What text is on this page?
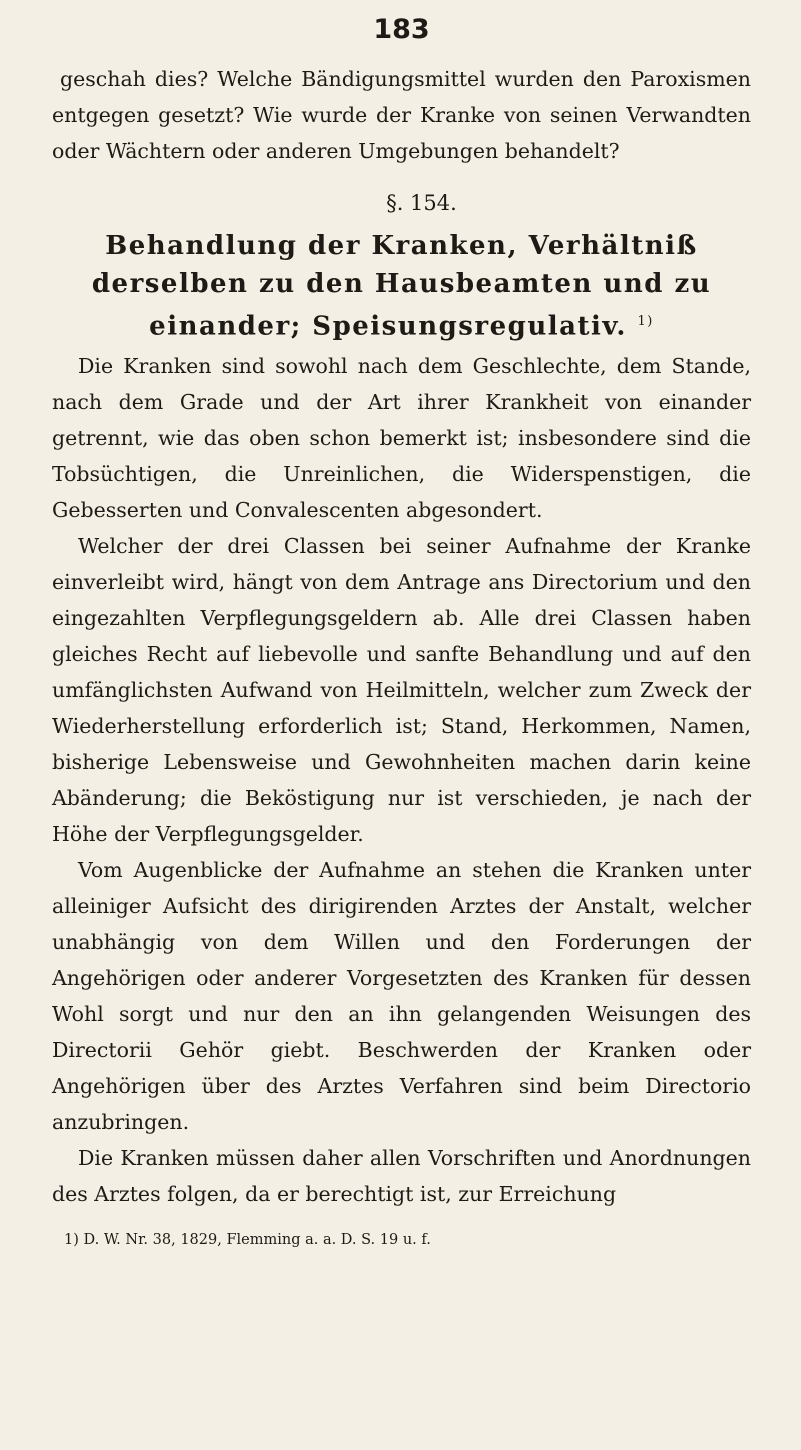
183

geschah dies? Welche Bändigungsmittel wurden den Paroxismen entgegen gesetzt? Wie wurde der Kranke von seinen Verwandten oder Wächtern oder anderen Umgebungen behandelt?

§. 154.

Behandlung der Kranken, Verhältniß derselben zu den Hausbeamten und zu einander; Speisungsregulativ. $^{1)}$

Die Kranken sind sowohl nach dem Geschlechte, dem Stande, nach dem Grade und der Art ihrer Krankheit von einander getrennt, wie das oben schon bemerkt ist; insbesondere sind die Tobsüchtigen, die Unreinlichen, die Widerspenstigen, die Gebesserten und Convalescenten abgesondert.

Welcher der drei Classen bei seiner Aufnahme der Kranke einverleibt wird, hängt von dem Antrage ans Directorium und den eingezahlten Verpflegungsgeldern ab. Alle drei Classen haben gleiches Recht auf liebevolle und sanfte Behandlung und auf den umfänglichsten Aufwand von Heilmitteln, welcher zum Zweck der Wiederherstellung erforderlich ist; Stand, Herkommen, Namen, bisherige Lebensweise und Gewohnheiten machen darin keine Abänderung; die Beköstigung nur ist verschieden, je nach der Höhe der Verpflegungsgelder.

Vom Augenblicke der Aufnahme an stehen die Kranken unter alleiniger Aufsicht des dirigirenden Arztes der Anstalt, welcher unabhängig von dem Willen und den Forderungen der Angehörigen oder anderer Vorgesetzten des Kranken für dessen Wohl sorgt und nur den an ihn gelangenden Weisungen des Directorii Gehör giebt. Beschwerden der Kranken oder Angehörigen über des Arztes Verfahren sind beim Directorio anzubringen.

Die Kranken müssen daher allen Vorschriften und Anordnungen des Arztes folgen, da er berechtigt ist, zur Erreichung

1) D. W. Nr. 38, 1829, Flemming a. a. D. S. 19 u. f.
